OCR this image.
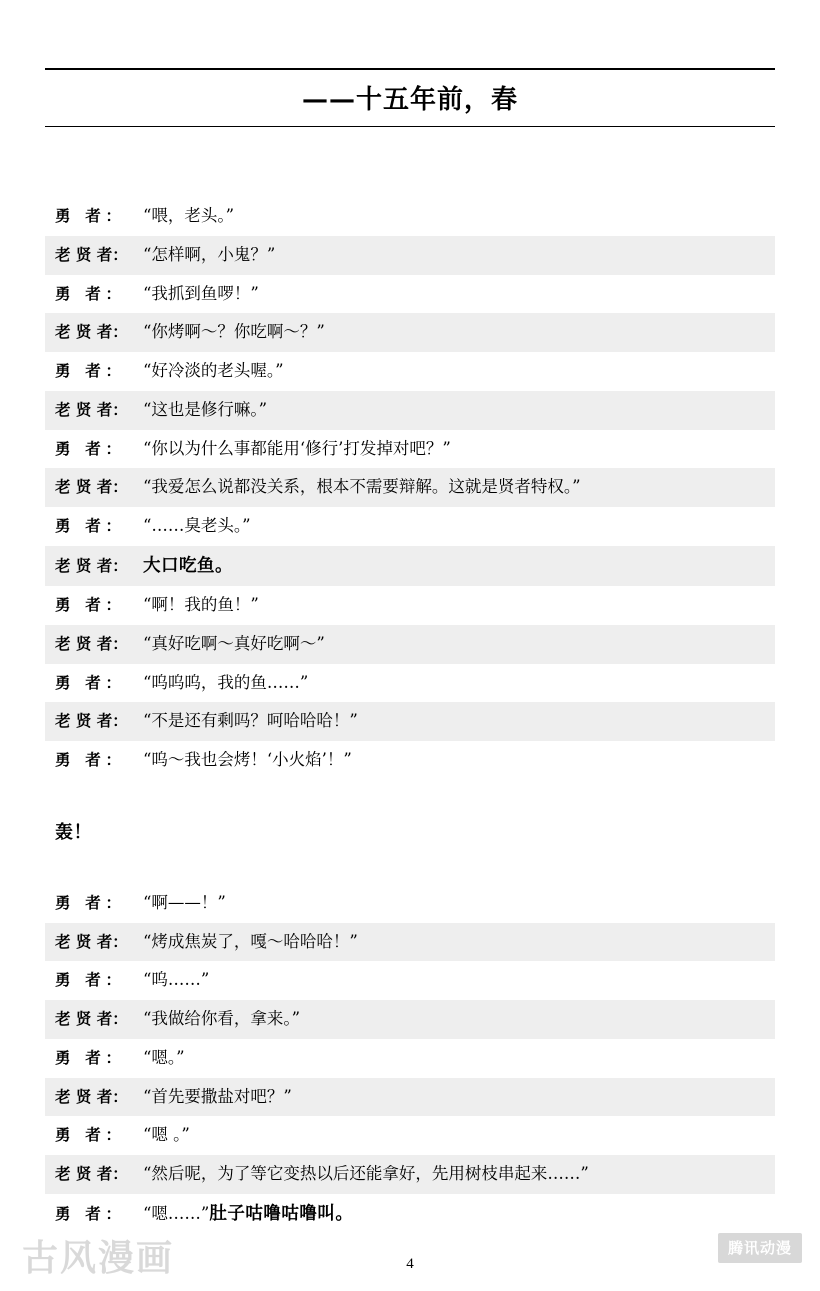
——十五年前，春
勇 者：	“喂，老头。”
老 贤 者： “怎样啊，小鬼？”
勇 者：	“我抓到鱼啰！”
老 贤 者： “你烤啊～？你吃啊～？”
勇 者：	“好冷淡的老头喔。”
老 贤 者： “这也是修行嘛。”
勇 者：	“你以为什么事都能用‘修行’打发掉对吧？”
老 贤 者： “我爱怎么说都没关系，根本不需要辩解。这就是贤者特权。”
勇 者：	“……臭老头。”
老 贤 者： 大口吃鱼。
勇 者：	“啊！我的鱼！”
老 贤 者： “真好吃啊～真好吃啊～”
勇 者：	“呜呜呜，我的鱼……”
老 贤 者： “不是还有剩吗？呵哈哈哈！”
勇 者：	“呜～我也会烤！‘小火焰’！”
轰！
勇 者：	“啊——！”
老 贤 者： “烤成焦炭了，嘎～哈哈哈！”
勇 者：	“呜……”
老 贤 者： “我做给你看，拿来。”
勇 者：	“嗯。”
老 贤 者： “首先要撒盐对吧？”
勇 者：	“嗯 。”
老 贤 者： “然后呢，为了等它变热以后还能拿好，先用树枝串起来……”
勇 者：	“嗯……”肚子咕噜咕噜叫。
古风漫画	4
腾讯动漫
